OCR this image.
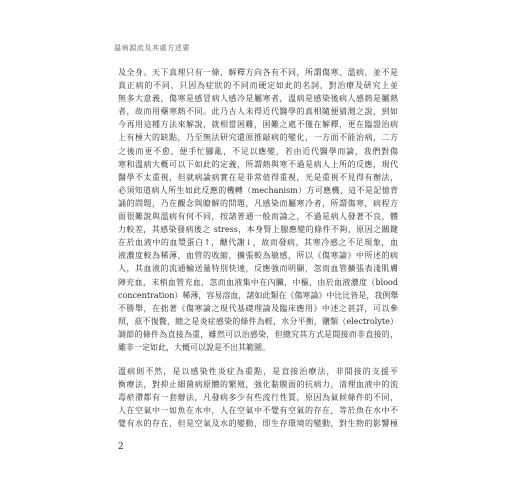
溫病源流及其處方述要
及全身。天下真理只有一條，解釋方向各有不同，所謂傷寒、溫病，並不是
真正病的不同，只因為症狀的不同而硬定如此的名詞，對治療及研究上並
無多大意義，傷寒是感冒病人感冷是屬寒者，溫病是感染後病人感熱是屬熱
者，故而用藥寒熱不同。此乃古人未得近代醫學的真相隨便猜測之說，到如
今再用這種方法來解說，就相當困難，困難之處不僅在解釋，更在臨證治病
上有極大的缺點，乃至無法研究還原推敲病的變化，一方面不能治病，二方
之後而更不愈，便手忙腳亂，不足以應變，若由近代醫學而論，我們對傷
寒和溫病大概可以下如此的定義，所謂熱與寒不過是病人上所的反應，現代
醫學不太重視，但就病論病實在是非常值得重視，光是重視不見得有辦法，
必須知道病人所生如此反應的機轉（mechanism）方可應機，這不是記憶背
誦的問題，乃在觀念與瞭解的問題，凡感染而屬寒冷者，所謂傷寒，病程方
面很難說與溫病有何不同，按諸普通一般而論之，不過是病人發著不良，體
力較差，其感染發病後之 stress，本身腎上腺應變的條件不夠，原因之關鍵
在於血液中的血漿蛋白↑，醣代謝↓，故而發病，其寒冷感之不足現象，血
液濃度較為稀薄，血管的收縮，擴張較為敏感，所以《傷寒論》中所述的病
人，其血液的流通輸送量特別快速，反應強而明顯，忽而血管擴張表淺肌膚
陣充血，末梢血管充血，忽而血液集中在內臟，中樞，由於血液濃度（blood
concentration）稀薄，容易溶血，諸如此類在《傷寒論》中比比皆是，我例舉
不勝舉，在拙著《傷寒論之現代基礎理論及臨床應用》中述之甚詳，可以參
照，茲不復贅，總之是炎症感染的條件為輕，水分平衡，鹽類（electrolyte）
調節的條件為直接為重，雖然可以治感染，但總究其方式是間接而非直接的，
雖非一定如此，大概可以說是不出其範圍。
溫病則不然，是以感染性炎症為重點，是直接治療法，非間接的支援平
衡療法，對抑止細菌病原體的繁殖，強化黏膜面的抗病力，清理血液中的流
毒瘀滯都有一套辦法，凡發病多少有些流行性質，原因為氣候條件的不同，
人在空氣中一如魚在水中，人在空氣中不覺有空氣的存在，等於魚在水中不
覺有水的存在，但是空氣及水的變動，即生存環境的變動，對生物的影響極
2
